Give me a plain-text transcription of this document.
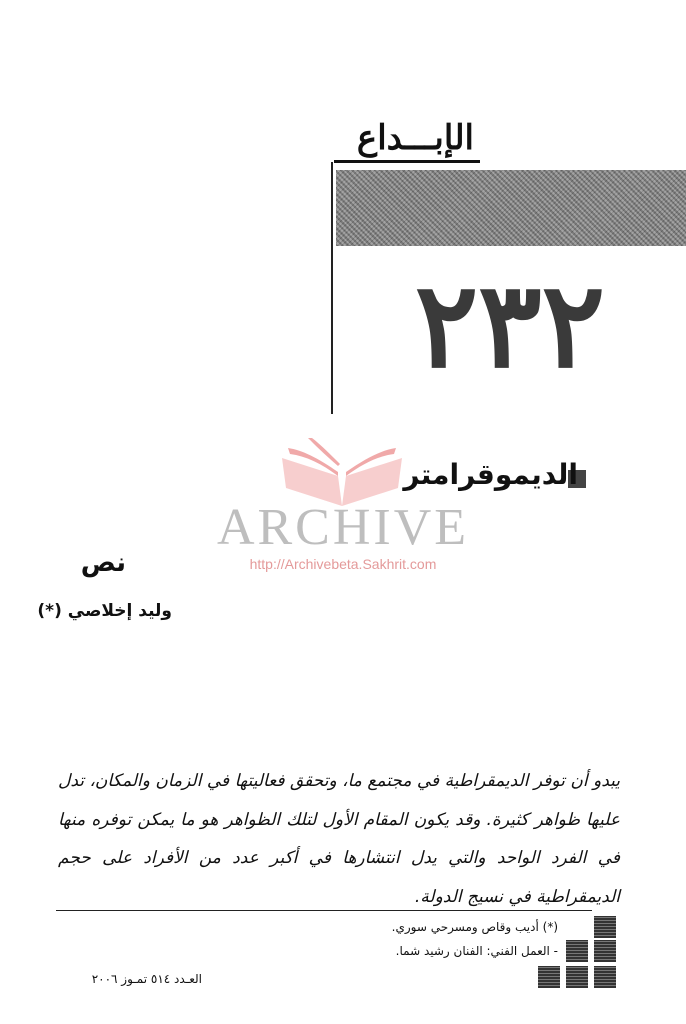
الإبـــداع
٢٣٢
الديموقرامتر
ARCHIVE
http://Archivebeta.Sakhrit.com
نص
وليد إخلاصي (*)
يبدو أن توفر الديمقراطية في مجتمع ما، وتحقق فعاليتها في الزمان والمكان، تدل عليها ظواهر كثيرة. وقد يكون المقام الأول لتلك الظواهر هو ما يمكن توفره منها في الفرد الواحد والتي يدل انتشارها في أكبر عدد من الأفراد على حجم الديمقراطية في نسيج الدولة.
(*) أديب وقاص ومسرحي سوري.
- العمل الفني: الفنان رشيد شما.
العـدد ٥١٤ تمـوز ٢٠٠٦
